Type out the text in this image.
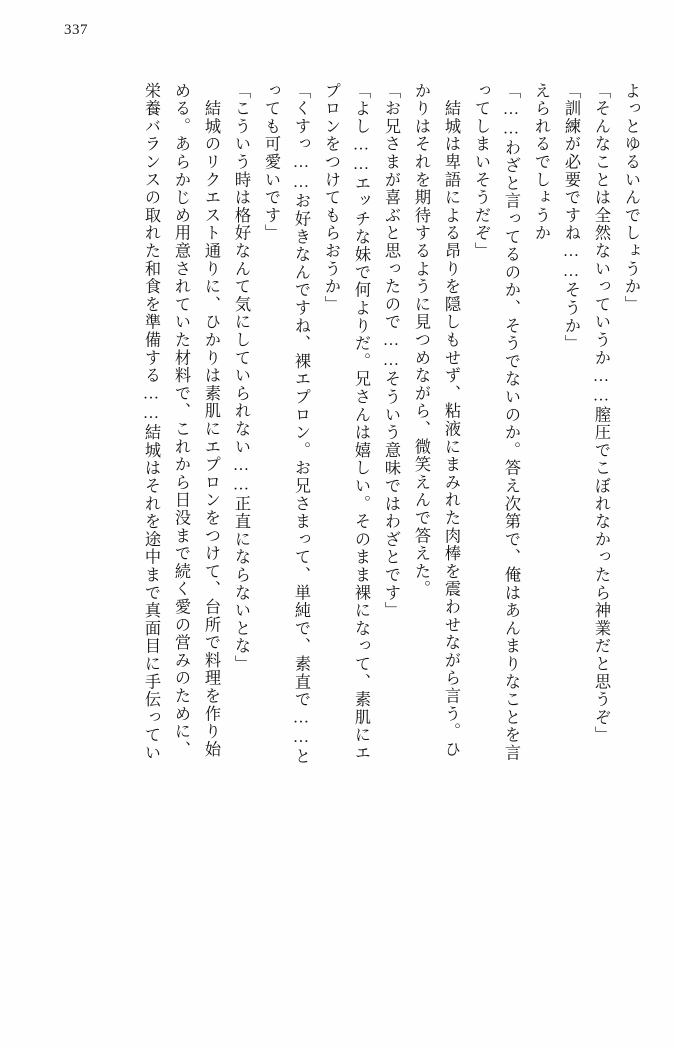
337
よっとゆるいんでしょうか」
「そんなことは全然ないっていうか……膣圧でこぼれなかったら神業だと思うぞ」
「訓練が必要ですね……そうか」
えられるでしょうか
「……わざと言ってるのか、そうでないのか。答え次第で、俺はあんまりなことを言
ってしまいそうだぞ」
　結城は卑語による昂りを隠しもせず、粘液にまみれた肉棒を震わせながら言う。ひ
かりはそれを期待するように見つめながら、微笑えんで答えた。
「お兄さまが喜ぶと思ったので……そういう意味ではわざとです」
「よし……エッチな妹で何よりだ。兄さんは嬉しい。そのまま裸になって、素肌にエ
プロンをつけてもらおうか」
「くすっ……お好きなんですね、裸エプロン。お兄さまって、単純で、素直で……と
っても可愛いです」
「こういう時は格好なんて気にしていられない……正直にならないとな」
　結城のリクエスト通りに、ひかりは素肌にエプロンをつけて、台所で料理を作り始
める。あらかじめ用意されていた材料で、これから日没まで続く愛の営みのために、
栄養バランスの取れた和食を準備する……結城はそれを途中まで真面目に手伝ってい
